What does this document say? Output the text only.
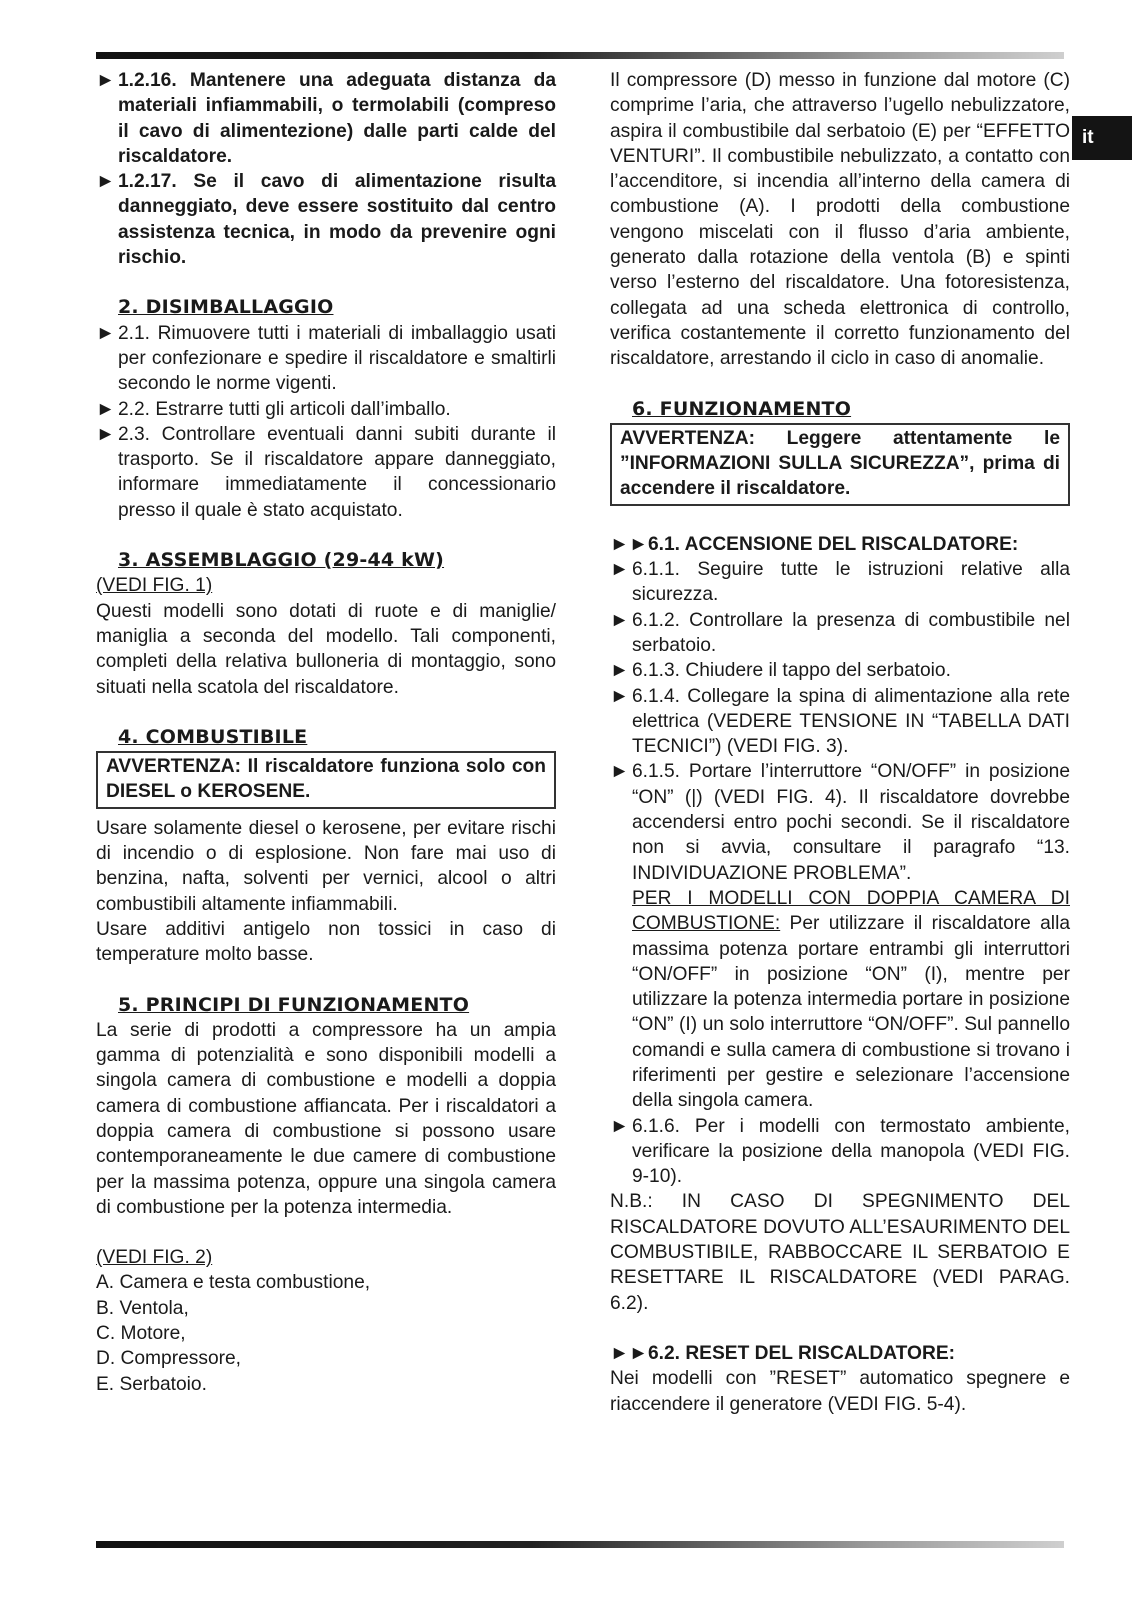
it

► 1.2.16. Mantenere una adeguata distanza da materiali infiammabili, o termolabili (compreso il cavo di alimentezione) dalle parti calde del riscaldatore.

► 1.2.17. Se il cavo di alimentazione risulta danneggiato, deve essere sostituito dal centro assistenza tecnica, in modo da prevenire ogni rischio.

2. DISIMBALLAGGIO

► 2.1. Rimuovere tutti i materiali di imballaggio usati per confezionare e spedire il riscaldatore e smaltirli secondo le norme vigenti.

► 2.2. Estrarre tutti gli articoli dall’imballo.

► 2.3. Controllare eventuali danni subiti durante il trasporto. Se il riscaldatore appare danneggiato, informare immediatamente il concessionario presso il quale è stato acquistato.

3. ASSEMBLAGGIO (29-44 kW)

(VEDI FIG. 1)

Questi modelli sono dotati di ruote e di maniglie/ maniglia a seconda del modello. Tali componenti, completi della relativa bulloneria di montaggio, sono situati nella scatola del riscaldatore.

4. COMBUSTIBILE

AVVERTENZA: Il riscaldatore funziona solo con DIESEL o KEROSENE.

Usare solamente diesel o kerosene, per evitare rischi di incendio o di esplosione. Non fare mai uso di benzina, nafta, solventi per vernici, alcool o altri combustibili altamente infiammabili.

Usare additivi antigelo non tossici in caso di temperature molto basse.

5. PRINCIPI DI FUNZIONAMENTO

La serie di prodotti a compressore ha un ampia gamma di potenzialità e sono disponibili modelli a singola camera di combustione e modelli a doppia camera di combustione affiancata. Per i riscaldatori a doppia camera di combustione si possono usare contemporaneamente le due camere di combustione per la massima potenza, oppure una singola camera di combustione per la potenza intermedia.

(VEDI FIG. 2)

A. Camera e testa combustione,

B. Ventola,

C. Motore,

D. Compressore,

E. Serbatoio.

Il compressore (D) messo in funzione dal motore (C) comprime l’aria, che attraverso l’ugello nebulizzatore, aspira il combustibile dal serbatoio (E) per “EFFETTO VENTURI”. Il combustibile nebulizzato, a contatto con l’accenditore, si incendia all’interno della camera di combustione (A). I prodotti della combustione vengono miscelati con il flusso d’aria ambiente, generato dalla rotazione della ventola (B) e spinti verso l’esterno del riscaldatore. Una fotoresistenza, collegata ad una scheda elettronica di controllo, verifica costantemente il corretto funzionamento del riscaldatore, arrestando il ciclo in caso di anomalie.

6. FUNZIONAMENTO

AVVERTENZA: Leggere attentamente le ”INFORMAZIONI SULLA SICUREZZA”, prima di accendere il riscaldatore.

►►6.1. ACCENSIONE DEL RISCALDATORE:

► 6.1.1. Seguire tutte le istruzioni relative alla sicurezza.

► 6.1.2. Controllare la presenza di combustibile nel serbatoio.

► 6.1.3. Chiudere il tappo del serbatoio.

► 6.1.4. Collegare la spina di alimentazione alla rete elettrica (VEDERE TENSIONE IN “TABELLA DATI TECNICI”) (VEDI FIG. 3).

► 6.1.5. Portare l’interruttore “ON/OFF” in posizione “ON” (|) (VEDI FIG. 4). Il riscaldatore dovrebbe accendersi entro pochi secondi. Se il riscaldatore non si avvia, consultare il paragrafo “13. INDIVIDUAZIONE PROBLEMA”.

PER I MODELLI CON DOPPIA CAMERA DI COMBUSTIONE: Per utilizzare il riscaldatore alla massima potenza portare entrambi gli interruttori “ON/OFF” in posizione “ON” (I), mentre per utilizzare la potenza intermedia portare in posizione “ON” (I) un solo interruttore “ON/OFF”. Sul pannello comandi e sulla camera di combustione si trovano i riferimenti per gestire e selezionare l’accensione della singola camera.

► 6.1.6. Per i modelli con termostato ambiente, verificare la posizione della manopola (VEDI FIG. 9-10).

N.B.: IN CASO DI SPEGNIMENTO DEL RISCALDATORE DOVUTO ALL’ESAURIMENTO DEL COMBUSTIBILE, RABBOCCARE IL SERBATOIO E RESETTARE IL RISCALDATORE (VEDI PARAG. 6.2).

►►6.2. RESET DEL RISCALDATORE:

Nei modelli con ”RESET” automatico spegnere e riaccendere il generatore (VEDI FIG. 5-4).
